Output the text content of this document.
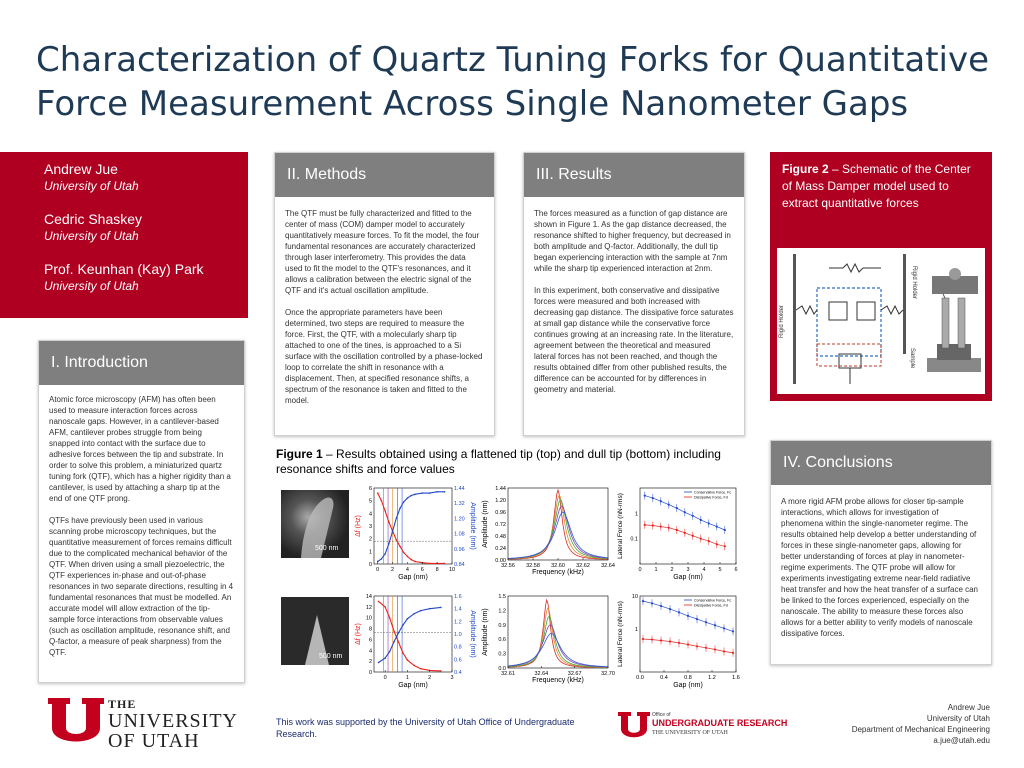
Characterization of Quartz Tuning Forks for Quantitative Force Measurement Across Single Nanometer Gaps
Andrew Jue
University of Utah
Cedric Shaskey
University of Utah
Prof. Keunhan (Kay) Park
University of Utah
I. Introduction

Atomic force microscopy (AFM) has often been used to measure interaction forces across nanoscale gaps. However, in a cantilever-based AFM, cantilever probes struggle from being snapped into contact with the surface due to adhesive forces between the tip and substrate. In order to solve this problem, a miniaturized quartz tuning fork (QTF), which has a higher rigidity than a cantilever, is used by attaching a sharp tip at the end of one QTF prong.

QTFs have previously been used in various scanning probe microscopy techniques, but the quantitative measurement of forces remains difficult due to the complicated mechanical behavior of the QTF. When driven using a small piezoelectric, the QTF experiences in-phase and out-of-phase resonances in two separate directions, resulting in 4 fundamental resonances that must be modelled. An accurate model will allow extraction of the tip-sample force interactions from observable values (such as oscillation amplitude, resonance shift, and Q-factor, a measure of peak sharpness) from the QTF.

II. Methods

The QTF must be fully characterized and fitted to the center of mass (COM) damper model to accurately quantitatively measure forces. To fit the model, the four fundamental resonances are accurately characterized through laser interferometry. This provides the data used to fit the model to the QTF's resonances, and it allows a calibration between the electric signal of the QTF and it's actual oscillation amplitude.

Once the appropriate parameters have been determined, two steps are required to measure the force. First, the QTF, with a molecularly sharp tip attached to one of the tines, is approached to a Si surface with the oscillation controlled by a phase-locked loop to correlate the shift in resonance with a displacement. Then, at specified resonance shifts, a spectrum of the resonance is taken and fitted to the model.

III. Results

The forces measured as a function of gap distance are shown in Figure 1. As the gap distance decreased, the resonance shifted to higher frequency, but decreased in both amplitude and Q-factor. Additionally, the dull tip began experiencing interaction with the sample at 7nm while the sharp tip experienced interaction at 2nm.

In this experiment, both conservative and dissipative forces were measured and both increased with decreasing gap distance. The dissipative force saturates at small gap distance while the conservative force continues growing at an increasing rate. In the literature, agreement between the theoretical and measured lateral forces has not been reached, and though the results obtained differ from other published results, the difference can be accounted for by differences in geometry and material.

Figure 2 – Schematic of the Center of Mass Damper model used to extract quantitative forces
Rigid Holder
Rigid Holder
Sample
IV. Conclusions
A more rigid AFM probe allows for closer tip-sample interactions, which allows for investigation of phenomena within the single-nanometer regime. The results obtained help develop a better understanding of forces in these single-nanometer gaps, allowing for better understanding of forces at play in nanometer-regime experiments. The QTF probe will allow for experiments investigating extreme near-field radiative heat transfer and how the heat transfer of a surface can be linked to the forces experienced, especially on the nanoscale. The ability to measure these forces also allows for a better ability to verify models of nanoscale dissipative forces.
Figure 1 – Results obtained using a flattened tip (top) and dull tip (bottom) including resonance shifts and force values
500 nm
500 nm
0 2 4 6 8 10
0
1
2
3
4
5
6
0.84
0.96
1.08
1.20
1.32
1.44
Gap (nm)
Δf (Hz)	Amplitude (nm)
32.56 32.58 32.60 32.62 32.64
0.00
0.24
0.48
0.72
0.96
1.20
1.44
Frequency (kHz)
Amplitude (nm)
Conservative Force, Fc
Dissipative Force, Fd
0 1 2 3 4 5 6
1
0.1
Gap (nm)
Lateral Force (nN-rms)
0	1	2	3
0
2
4
6
8
10
12
14
0.4
0.6
0.8
1.0
1.2
1.4
1.6
Gap (nm)
Δf (Hz)	Amplitude (nm)
32.61	32.64	32.67	32.70
0.0
0.3
0.6
0.9
1.2
1.5
Frequency (kHz)
Amplitude (nm)
Conservative Force, Fc
Dissipative Force, Fd
0.0	0.4	0.8	1.2	1.6
10
1
Gap (nm)
Lateral Force (nN-rms)
THE
UNIVERSITY
OF UTAH
This work was supported by the University of Utah Office of Undergraduate Research.
Office of
UNDERGRADUATE RESEARCH
THE UNIVERSITY OF UTAH
Andrew Jue
University of Utah
Department of Mechanical Engineering
a.jue@utah.edu
